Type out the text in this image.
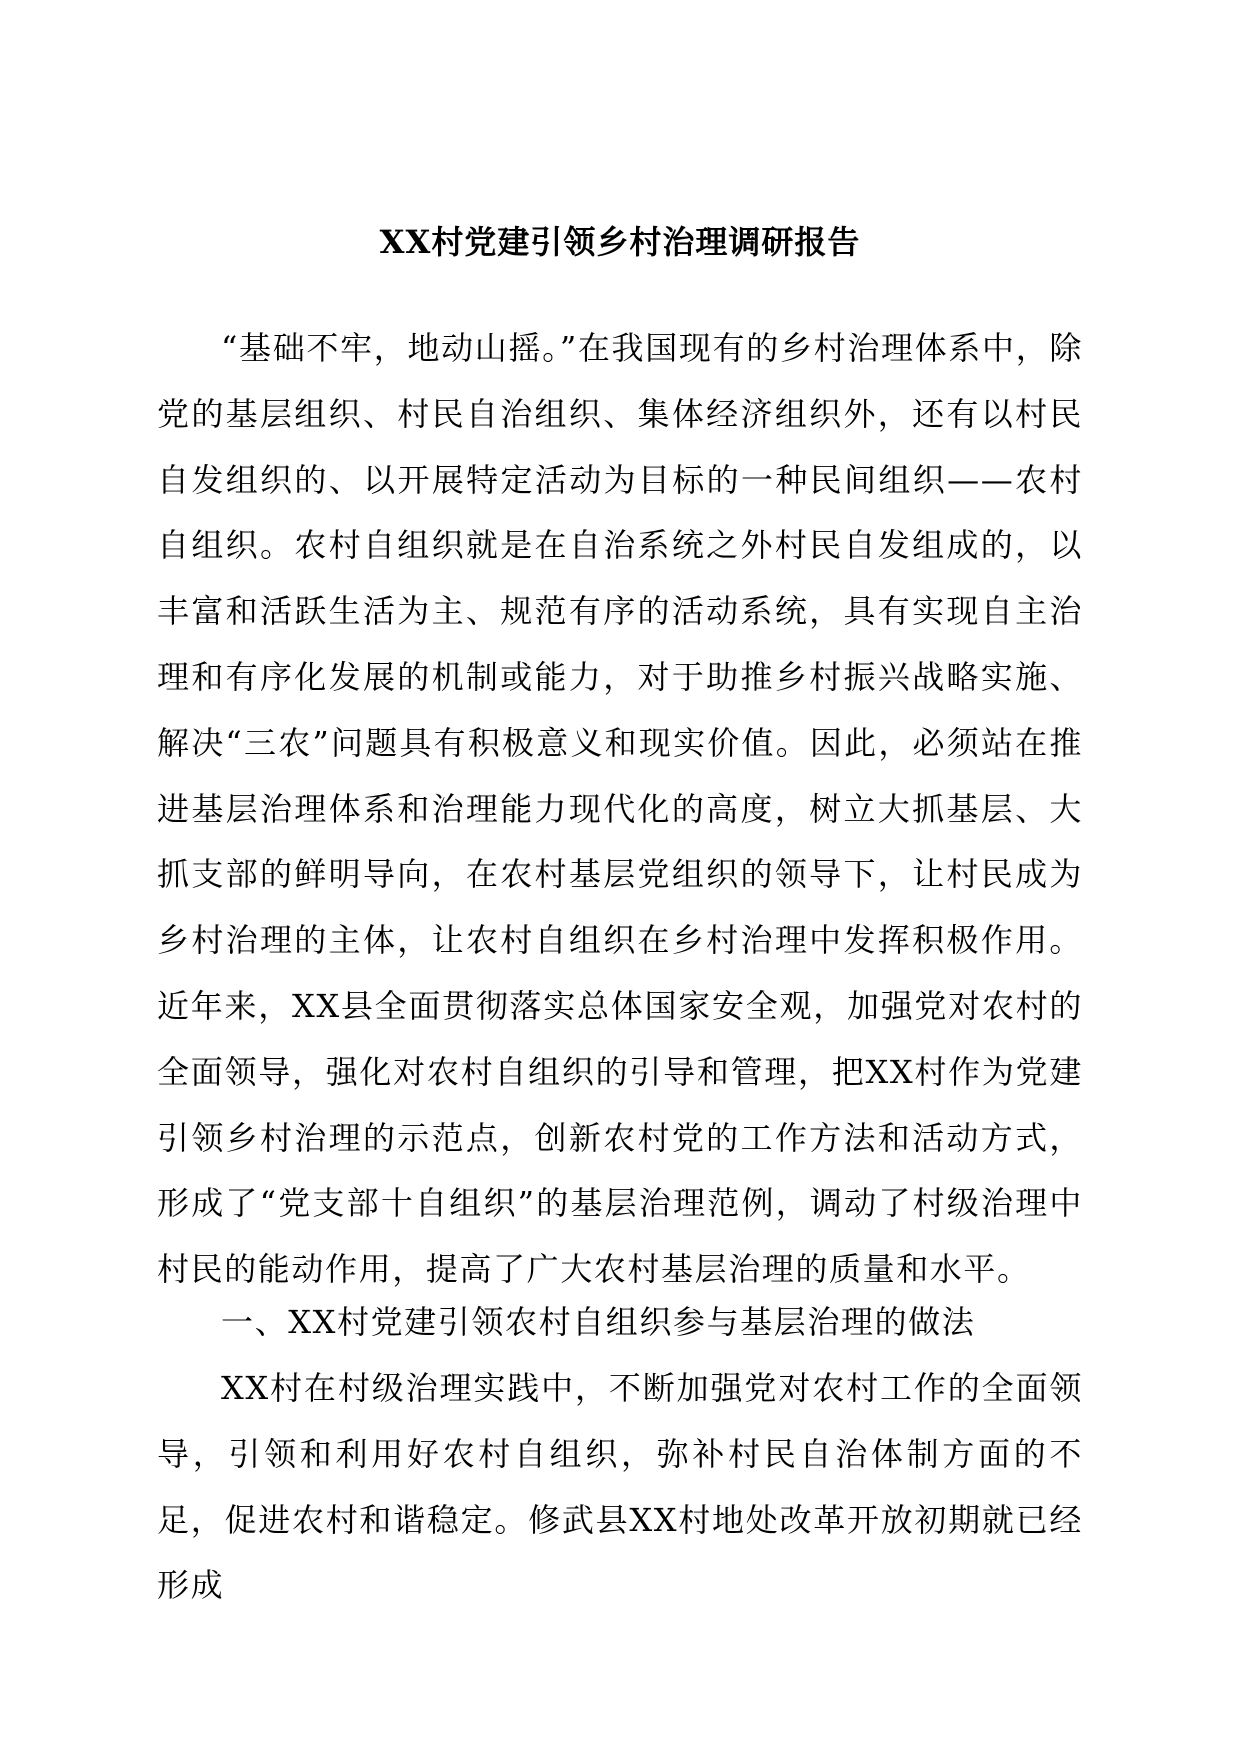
XX村党建引领乡村治理调研报告

“基础不牢，地动山摇。”在我国现有的乡村治理体系中，除党的基层组织、村民自治组织、集体经济组织外，还有以村民自发组织的、以开展特定活动为目标的一种民间组织——农村自组织。农村自组织就是在自治系统之外村民自发组成的，以丰富和活跃生活为主、规范有序的活动系统，具有实现自主治理和有序化发展的机制或能力，对于助推乡村振兴战略实施、解决“三农”问题具有积极意义和现实价值。因此，必须站在推进基层治理体系和治理能力现代化的高度，树立大抓基层、大抓支部的鲜明导向，在农村基层党组织的领导下，让村民成为乡村治理的主体，让农村自组织在乡村治理中发挥积极作用。近年来，XX县全面贯彻落实总体国家安全观，加强党对农村的全面领导，强化对农村自组织的引导和管理，把XX村作为党建引领乡村治理的示范点，创新农村党的工作方法和活动方式，形成了“党支部十自组织”的基层治理范例，调动了村级治理中村民的能动作用，提高了广大农村基层治理的质量和水平。

一、XX村党建引领农村自组织参与基层治理的做法

XX村在村级治理实践中，不断加强党对农村工作的全面领导，引领和利用好农村自组织，弥补村民自治体制方面的不足，促进农村和谐稳定。修武县XX村地处改革开放初期就已经形成
